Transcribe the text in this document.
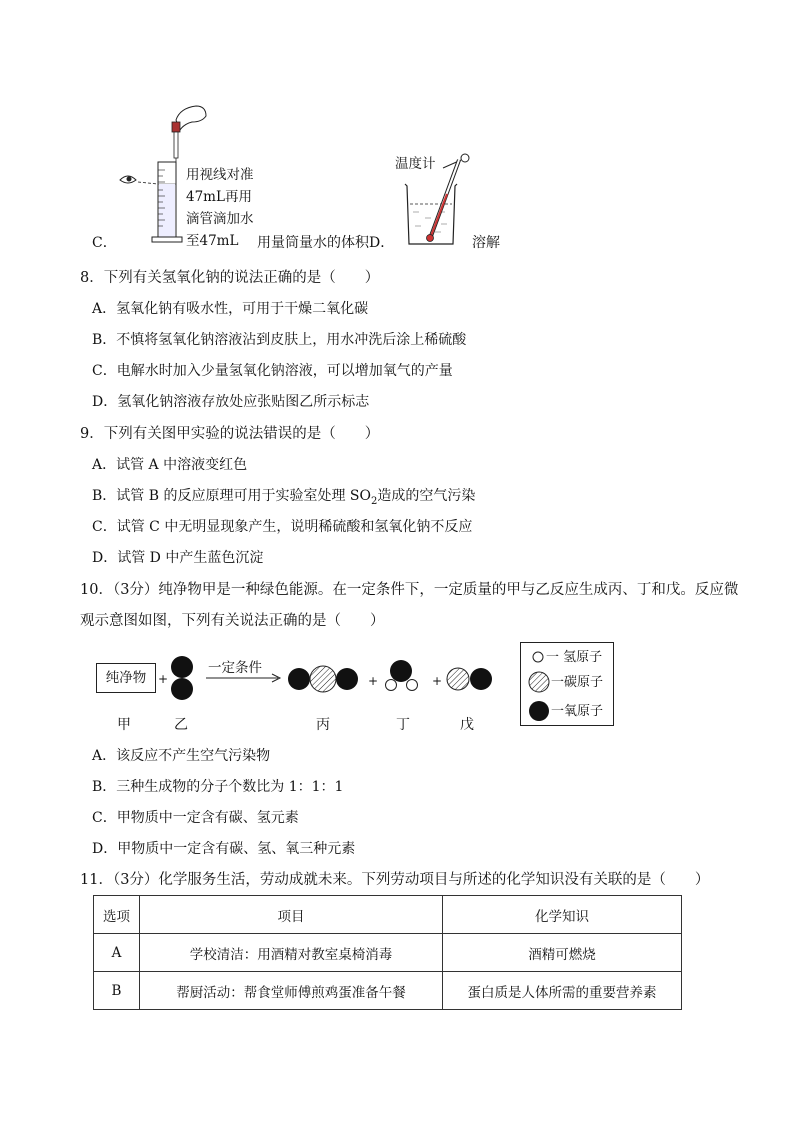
C．
用视线对准
47mL再用
滴管滴加水
至47mL	用量筒量水的体积D．
温度计
溶解
8．下列有关氢氧化钠的说法正确的是（　　）
A．氢氧化钠有吸水性，可用于干燥二氧化碳
B．不慎将氢氧化钠溶液沾到皮肤上，用水冲洗后涂上稀硫酸
C．电解水时加入少量氢氧化钠溶液，可以增加氧气的产量
D．氢氧化钠溶液存放处应张贴图乙所示标志
9．下列有关图甲实验的说法错误的是（　　）
A．试管 A 中溶液变红色
B．试管 B 的反应原理可用于实验室处理 $SO_2$造成的空气污染
C．试管 C 中无明显现象产生，说明稀硫酸和氢氧化钠不反应
D．试管 D 中产生蓝色沉淀
10．（3分）纯净物甲是一种绿色能源。在一定条件下，一定质量的甲与乙反应生成丙、丁和戊。反应微
观示意图如图，下列有关说法正确的是（　　）
纯净物 +
一定条件
+	+
一 氢原子
一碳原子
一氧原子
甲	乙	丙	丁	戊
A．该反应不产生空气污染物
B．三种生成物的分子个数比为 1：1：1
C．甲物质中一定含有碳、氢元素
D．甲物质中一定含有碳、氢、氧三种元素
11．（3分）化学服务生活，劳动成就未来。下列劳动项目与所述的化学知识没有关联的是（　　）
选项	项目	化学知识
A	学校清洁：用酒精对教室桌椅消毒	酒精可燃烧
B	帮厨活动：帮食堂师傅煎鸡蛋准备午餐	蛋白质是人体所需的重要营养素
